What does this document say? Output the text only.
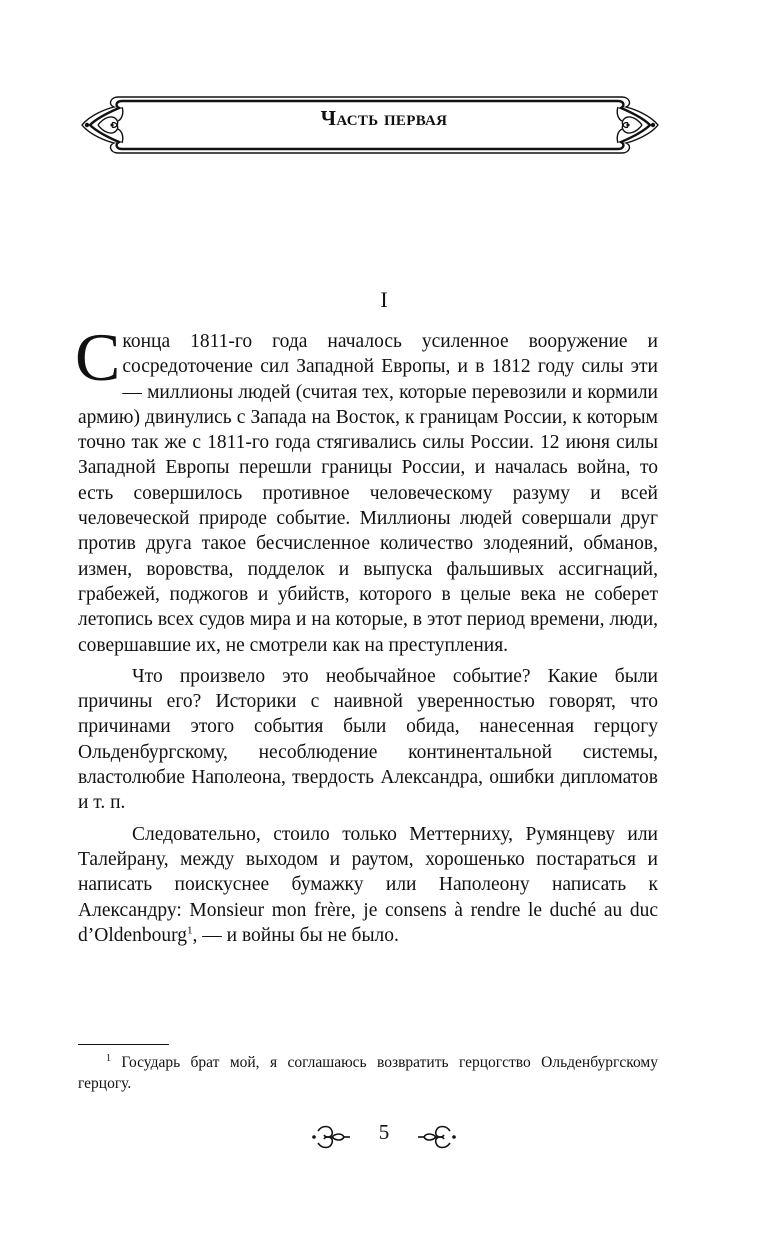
Часть первая
I

Сконца 1811-го года началось усиленное вооружение и сосредоточение сил Западной Европы, и в 1812 году силы эти — миллионы людей (считая тех, которые перевозили и кормили армию) двинулись с Запада на Восток, к границам России, к которым точно так же с 1811-го года стягивались силы России. 12 июня силы Западной Европы перешли границы России, и началась война, то есть совершилось противное человеческому разуму и всей человеческой природе событие. Миллионы людей совершали друг против друга такое бесчисленное количество злодеяний, обманов, измен, воровства, подделок и выпуска фальшивых ассигнаций, грабежей, поджогов и убийств, которого в целые века не соберет летопись всех судов мира и на которые, в этот период времени, люди, совершавшие их, не смотрели как на преступления.

Что произвело это необычайное событие? Какие были причины его? Историки с наивной уверенностью говорят, что причинами этого события были обида, нанесенная герцогу Ольденбургскому, несоблюдение континентальной системы, властолюбие Наполеона, твердость Александра, ошибки дипломатов и т. п.

Следовательно, стоило только Меттерниху, Румянцеву или Талейрану, между выходом и раутом, хорошенько постараться и написать поискуснее бумажку или Наполеону написать к Александру: Monsieur mon frère, je consens à rendre le duché au duc d’Oldenbourg$^1$, — и войны бы не было.

$^1$ Государь брат мой, я соглашаюсь возвратить герцогство Ольденбургскому герцогу.
5
